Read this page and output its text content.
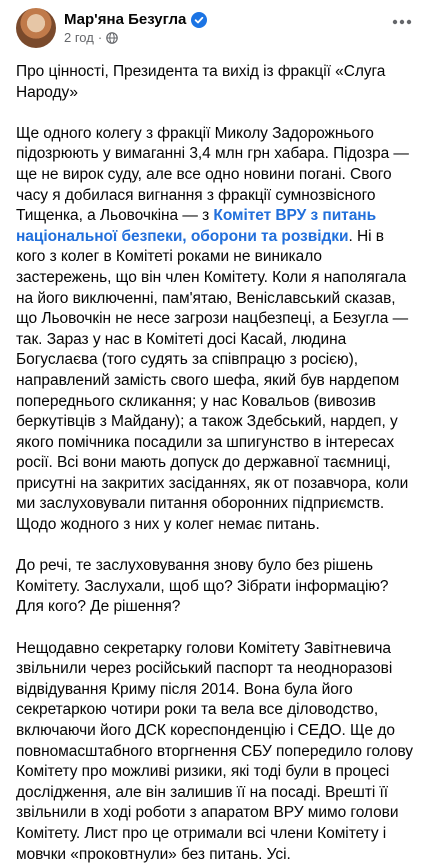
Мар'яна Безугла
2 год ·

Про цінності, Президента та вихід із фракції «Слуга Народу»

Ще одного колегу з фракції Миколу Задорожнього підозрюють у вимаганні 3,4 млн грн хабара. Підозра — ще не вирок суду, але все одно новини погані. Свого часу я добилася вигнання з фракції сумнозвісного Тищенка, а Льовочкіна — з Комітет ВРУ з питань національної безпеки, оборони та розвідки. Ні в кого з колег в Комітеті роками не виникало застережень, що він член Комітету. Коли я наполягала на його виключенні, пам'ятаю, Веніславський сказав, що Льовочкін не несе загрози нацбезпеці, а Безугла — так. Зараз у нас в Комітеті досі Касай, людина Богуслаєва (того судять за співпрацю з росією), направлений замість свого шефа, який був нардепом попереднього скликання; у нас Ковальов (вивозив беркутівців з Майдану); а також Здебський, нардеп, у якого помічника посадили за шпигунство в інтересах росії. Всі вони мають допуск до державної таємниці, присутні на закритих засіданнях, як от позавчора, коли ми заслуховували питання оборонних підприємств. Щодо жодного з них у колег немає питань.

До речі, те заслуховування знову було без рішень Комітету. Заслухали, щоб що? Зібрати інформацію? Для кого? Де рішення?

Нещодавно секретарку голови Комітету Завітневича звільнили через російський паспорт та неодноразові відвідування Криму після 2014. Вона була його секретаркою чотири роки та вела все діловодство, включаючи його ДСК кореспонденцію і СЕДО. Ще до повномасштабного вторгнення СБУ попередило голову Комітету про можливі ризики, які тоді були в процесі дослідження, але він залишив її на посаді. Врешті її звільнили в ході роботи з апаратом ВРУ мимо голови Комітету. Лист про це отримали всі члени Комітету і мовчки «проковтнули» без питань. Усі.
